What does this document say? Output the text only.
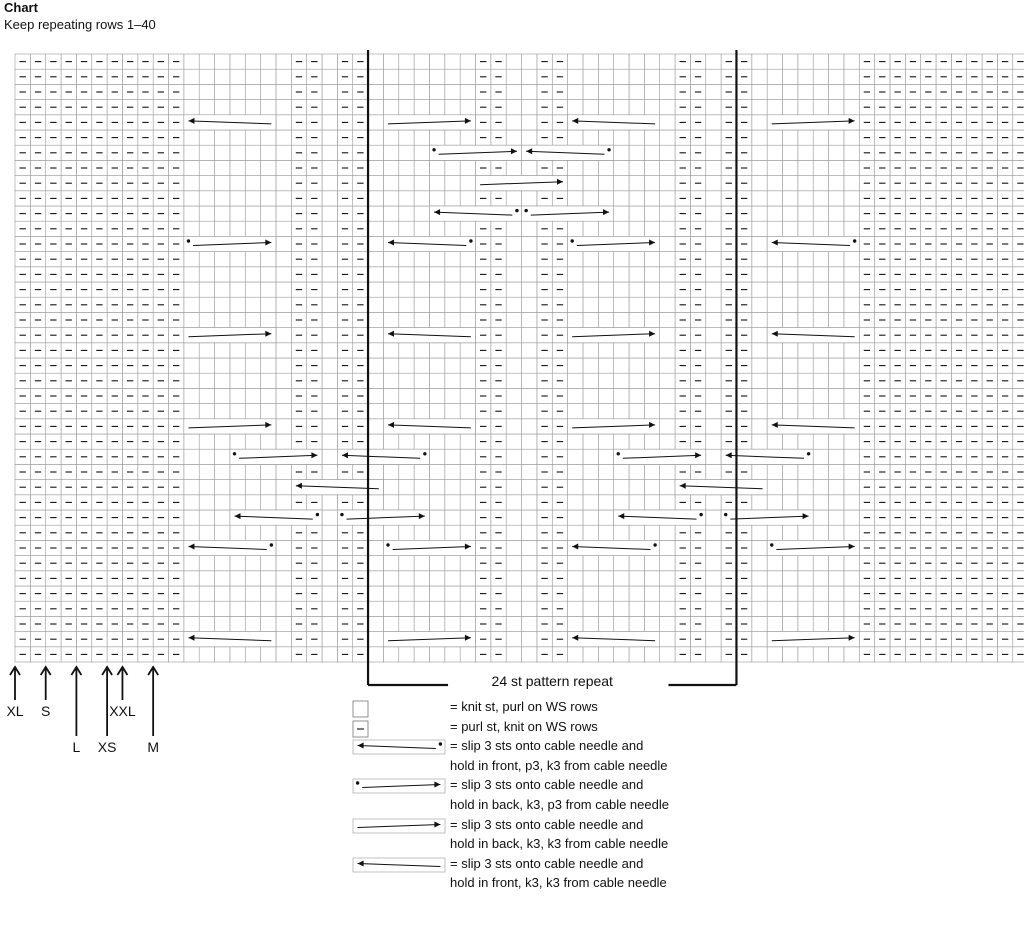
Chart
Keep repeating rows 1–40
24 st pattern repeat
M
XXL
XS
L
S
XL	= knit st, purl on WS rows
= purl st, knit on WS rows
= slip 3 sts onto cable needle and
hold in front, p3, k3 from cable needle
= slip 3 sts onto cable needle and
hold in back, k3, p3 from cable needle
= slip 3 sts onto cable needle and
hold in back, k3, k3 from cable needle
= slip 3 sts onto cable needle and
hold in front, k3, k3 from cable needle
